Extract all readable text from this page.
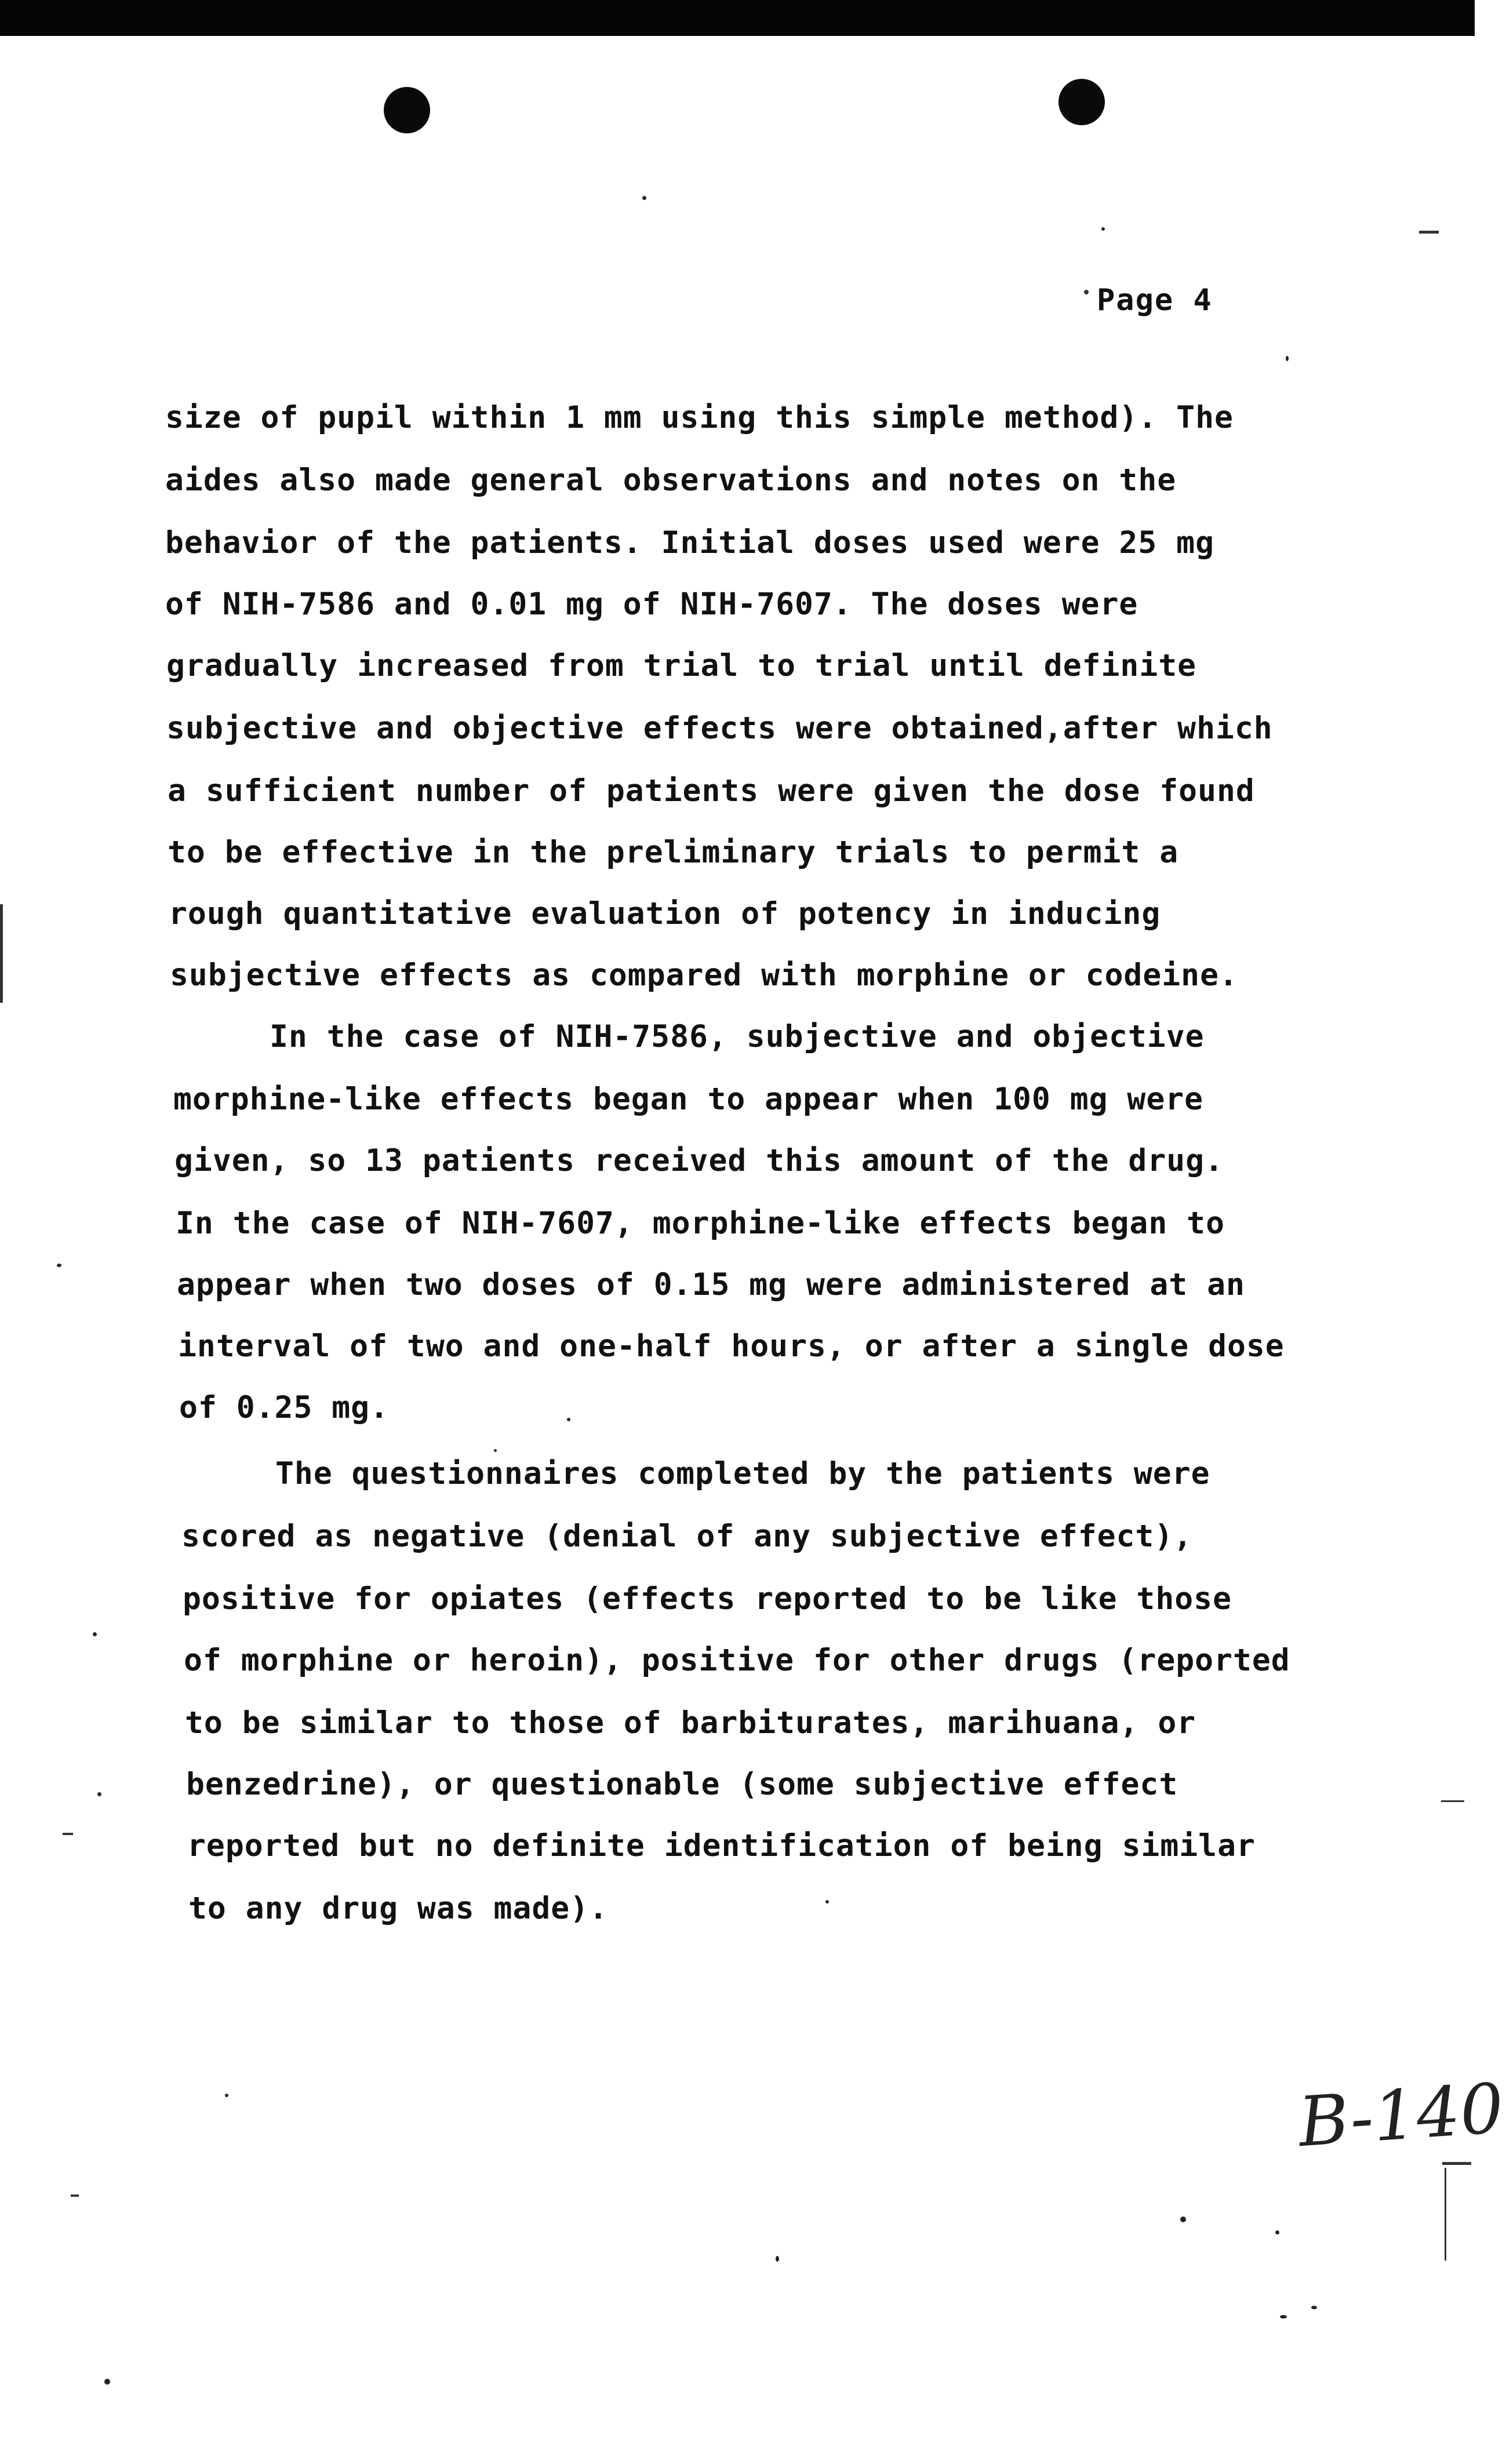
Page 4
size of pupil within 1 mm using this simple method). The
aides also made general observations and notes on the
behavior of the patients. Initial doses used were 25 mg
of NIH-7586 and 0.01 mg of NIH-7607. The doses were
gradually increased from trial to trial until definite
subjective and objective effects were obtained,after which
a sufficient number of patients were given the dose found
to be effective in the preliminary trials to permit a
rough quantitative evaluation of potency in inducing
subjective effects as compared with morphine or codeine.
In the case of NIH-7586, subjective and objective
morphine-like effects began to appear when 100 mg were
given, so 13 patients received this amount of the drug.
In the case of NIH-7607, morphine-like effects began to
appear when two doses of 0.15 mg were administered at an
interval of two and one-half hours, or after a single dose
of 0.25 mg.
The questionnaires completed by the patients were
scored as negative (denial of any subjective effect),
positive for opiates (effects reported to be like those
of morphine or heroin), positive for other drugs (reported
to be similar to those of barbiturates, marihuana, or
benzedrine), or questionable (some subjective effect
reported but no definite identification of being similar
to any drug was made).
B-140
